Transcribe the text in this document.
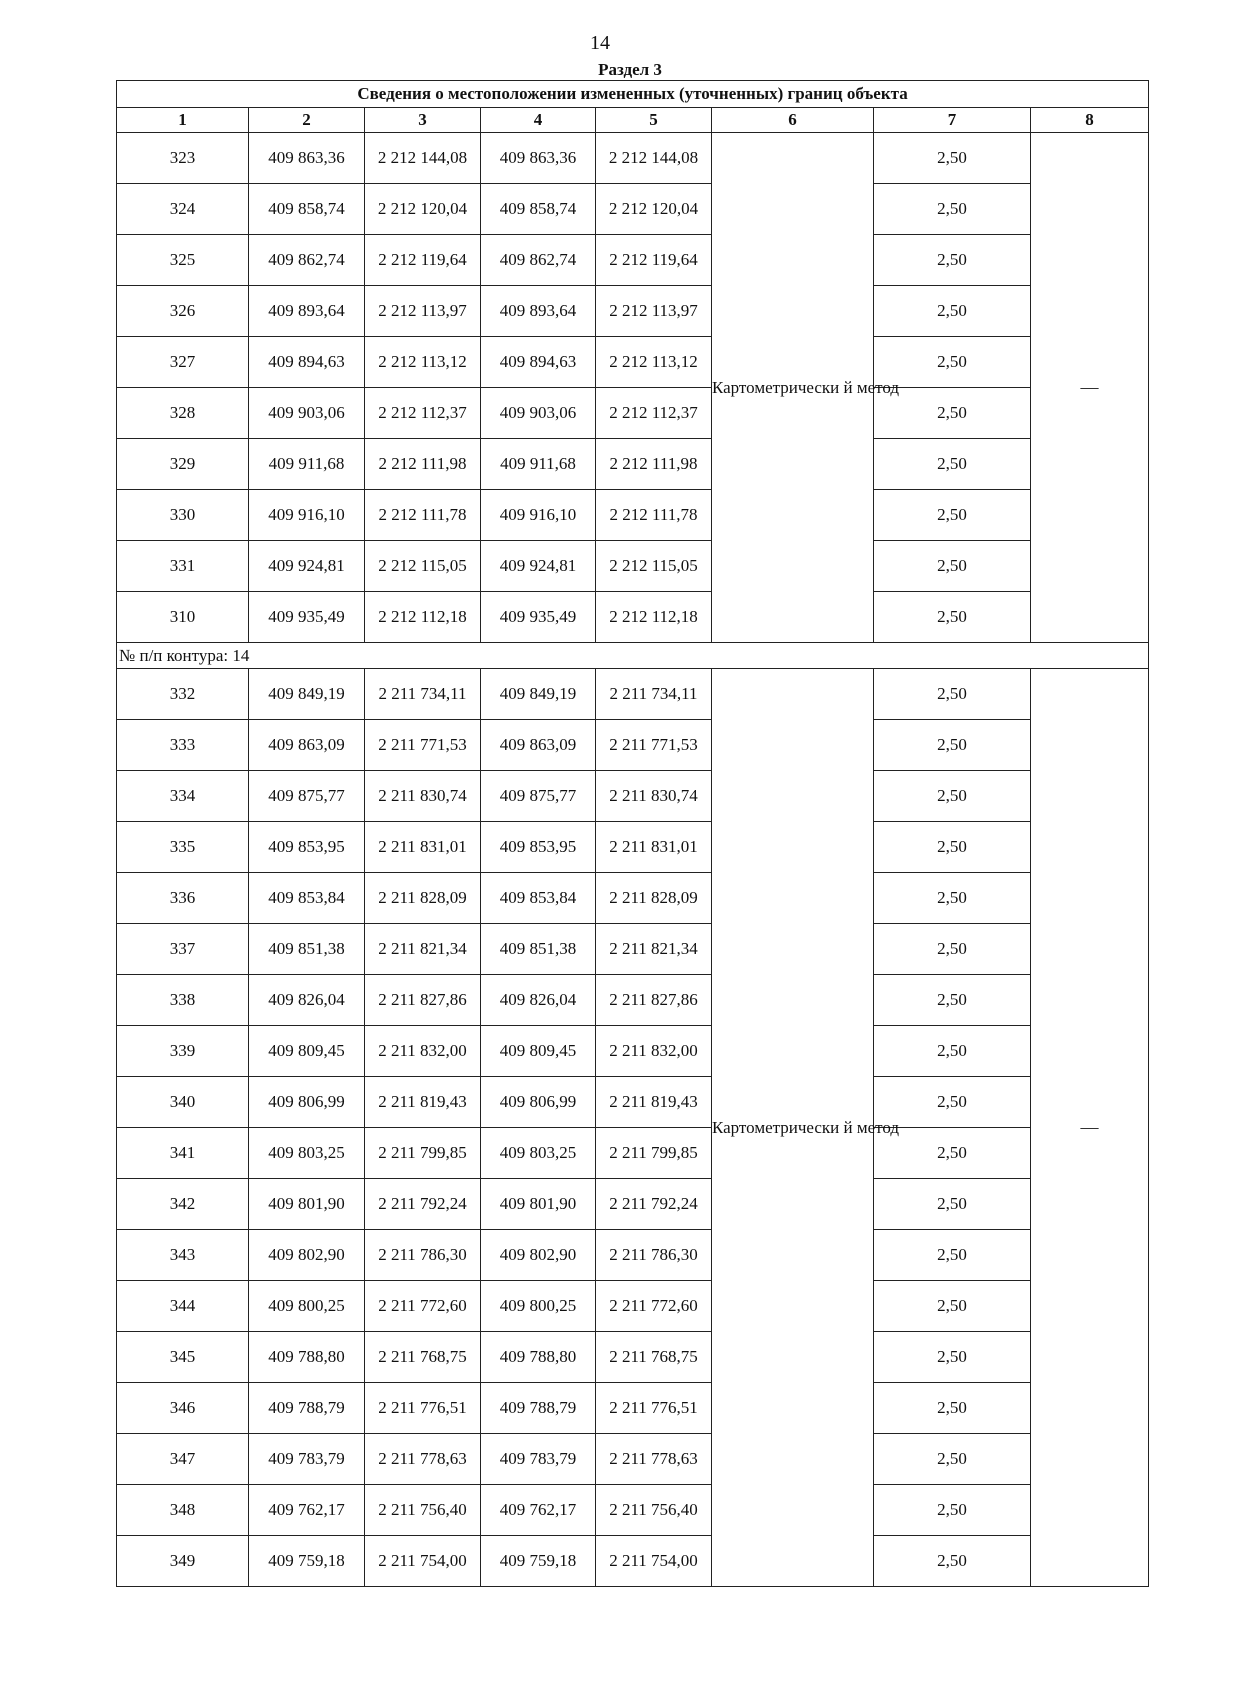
14
Раздел 3
Сведения о местоположении измененных (уточненных) границ объекта							
1	2	3	4	5	6	7	8

323	409 863,36	2 212 144,08	409 863,36	2 212 144,08	Картометрически й метод	2,50	—
324	409 858,74	2 212 120,04	409 858,74	2 212 120,04		2,50	
325	409 862,74	2 212 119,64	409 862,74	2 212 119,64		2,50	
326	409 893,64	2 212 113,97	409 893,64	2 212 113,97		2,50	
327	409 894,63	2 212 113,12	409 894,63	2 212 113,12		2,50	
328	409 903,06	2 212 112,37	409 903,06	2 212 112,37		2,50	
329	409 911,68	2 212 111,98	409 911,68	2 212 111,98		2,50	
330	409 916,10	2 212 111,78	409 916,10	2 212 111,78		2,50	
331	409 924,81	2 212 115,05	409 924,81	2 212 115,05		2,50	
310	409 935,49	2 212 112,18	409 935,49	2 212 112,18		2,50	
№ п/п контура: 14							
332	409 849,19	2 211 734,11	409 849,19	2 211 734,11	Картометрически й метод	2,50	—
333	409 863,09	2 211 771,53	409 863,09	2 211 771,53		2,50	
334	409 875,77	2 211 830,74	409 875,77	2 211 830,74		2,50	
335	409 853,95	2 211 831,01	409 853,95	2 211 831,01		2,50	
336	409 853,84	2 211 828,09	409 853,84	2 211 828,09		2,50	
337	409 851,38	2 211 821,34	409 851,38	2 211 821,34		2,50	
338	409 826,04	2 211 827,86	409 826,04	2 211 827,86		2,50	
339	409 809,45	2 211 832,00	409 809,45	2 211 832,00		2,50	
340	409 806,99	2 211 819,43	409 806,99	2 211 819,43		2,50	
341	409 803,25	2 211 799,85	409 803,25	2 211 799,85		2,50	
342	409 801,90	2 211 792,24	409 801,90	2 211 792,24		2,50	
343	409 802,90	2 211 786,30	409 802,90	2 211 786,30		2,50	
344	409 800,25	2 211 772,60	409 800,25	2 211 772,60		2,50	
345	409 788,80	2 211 768,75	409 788,80	2 211 768,75		2,50	
346	409 788,79	2 211 776,51	409 788,79	2 211 776,51		2,50	
347	409 783,79	2 211 778,63	409 783,79	2 211 778,63		2,50	
348	409 762,17	2 211 756,40	409 762,17	2 211 756,40		2,50	
349	409 759,18	2 211 754,00	409 759,18	2 211 754,00		2,50	
